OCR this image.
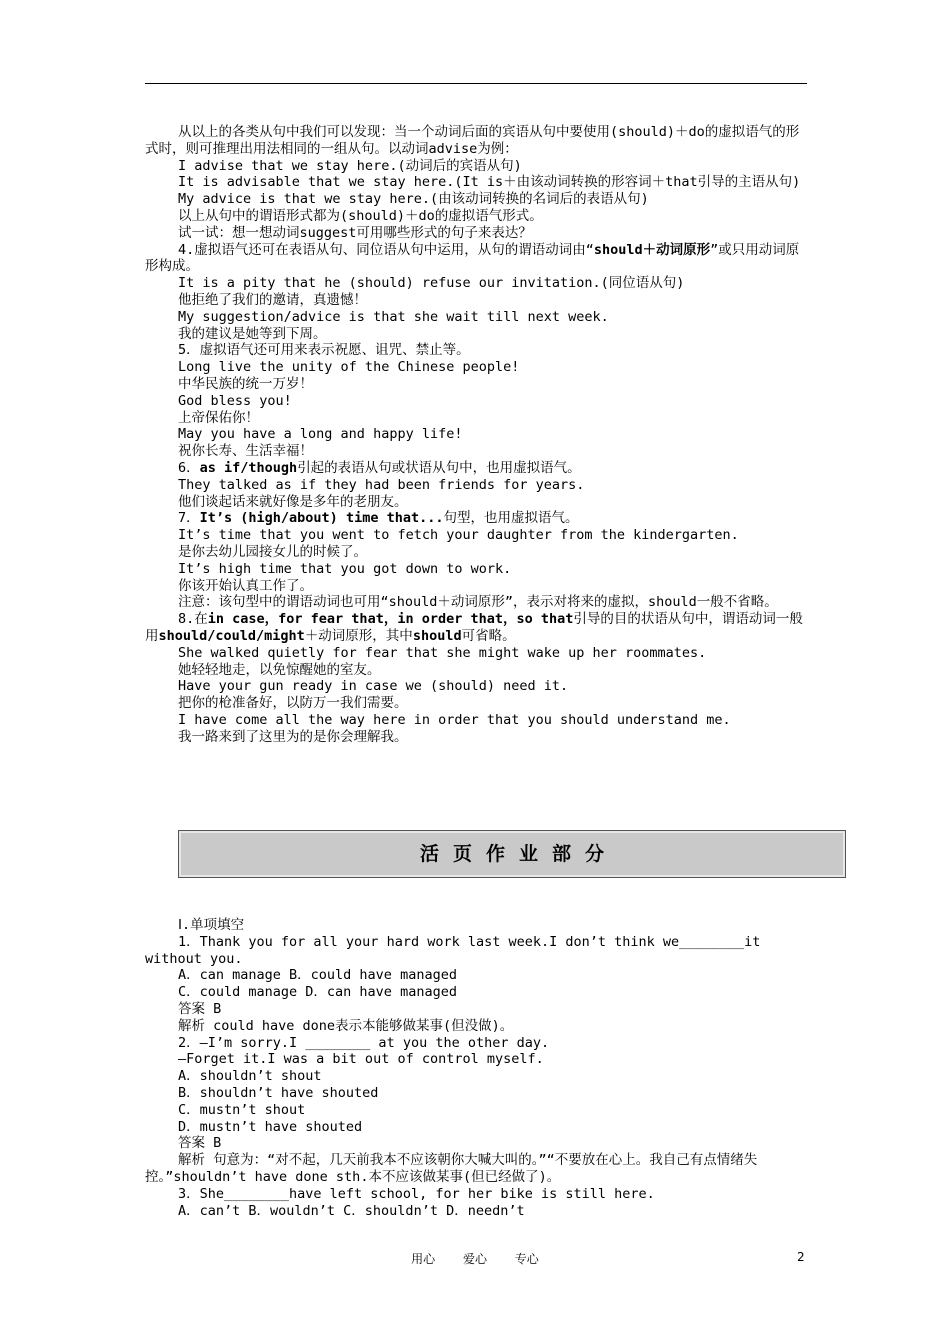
从以上的各类从句中我们可以发现：当一个动词后面的宾语从句中要使用(should)＋do的虚拟语气的形式时，则可推理出用法相同的一组从句。以动词advise为例：

I advise that we stay here.(动词后的宾语从句)

It is advisable that we stay here.(It is＋由该动词转换的形容词＋that引导的主语从句)

My advice is that we stay here.(由该动词转换的名词后的表语从句)

以上从句中的谓语形式都为(should)＋do的虚拟语气形式。

试一试：想一想动词suggest可用哪些形式的句子来表达？

4.虚拟语气还可在表语从句、同位语从句中运用，从句的谓语动词由“should＋动词原形”或只用动词原形构成。

It is a pity that he (should) refuse our invitation.(同位语从句)

他拒绝了我们的邀请，真遗憾！

My suggestion/advice is that she wait till next week.

我的建议是她等到下周。

5．虚拟语气还可用来表示祝愿、诅咒、禁止等。

Long live the unity of the Chinese people!

中华民族的统一万岁！

God bless you!

上帝保佑你！

May you have a long and happy life!

祝你长寿、生活幸福！

6．as if/though引起的表语从句或状语从句中，也用虚拟语气。

They talked as if they had been friends for years.

他们谈起话来就好像是多年的老朋友。

7．It’s (high/about) time that...句型，也用虚拟语气。

It’s time that you went to fetch your daughter from the kindergarten.

是你去幼儿园接女儿的时候了。

It’s high time that you got down to work.

你该开始认真工作了。

注意：该句型中的谓语动词也可用“should＋动词原形”，表示对将来的虚拟，should一般不省略。

8.在in case，for fear that，in order that，so that引导的目的状语从句中，谓语动词一般用should/could/might＋动词原形，其中should可省略。

She walked quietly for fear that she might wake up her roommates.

她轻轻地走，以免惊醒她的室友。

Have your gun ready in case we (should) need it.

把你的枪准备好，以防万一我们需要。

I have come all the way here in order that you should understand me.

我一路来到了这里为的是你会理解我。

活页作业部分

Ⅰ.单项填空

1．Thank you for all your hard work last week.I don’t think we________it without you.

A．can manage B．could have managed

C．could manage D．can have managed

答案 B

解析 could have done表示本能够做某事(但没做)。

2．—I’m sorry.I ________ at you the other day.

—Forget it.I was a bit out of control myself.

A．shouldn’t shout

B．shouldn’t have shouted

C．mustn’t shout

D．mustn’t have shouted

答案 B

解析 句意为：“对不起，几天前我本不应该朝你大喊大叫的。”“不要放在心上。我自己有点情绪失控。”shouldn’t have done sth.本不应该做某事(但已经做了)。

3．She________have left school, for her bike is still here.

A．can’t B．wouldn’t C．shouldn’t D．needn’t

用心 爱心 专心	2
